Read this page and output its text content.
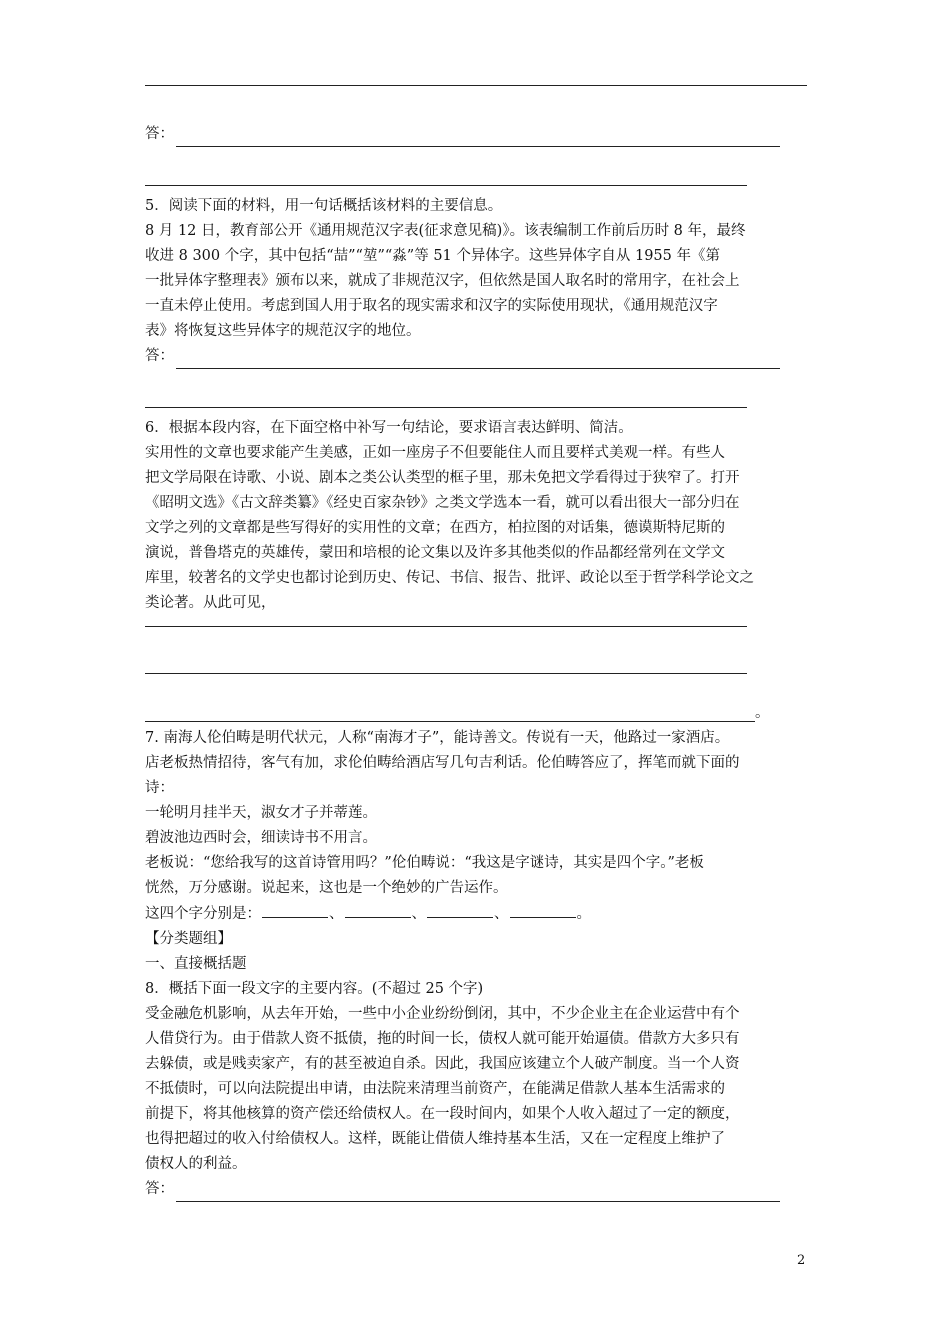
答：

5．阅读下面的材料，用一句话概括该材料的主要信息。

8 月 12 日，教育部公开《通用规范汉字表(征求意见稿)》。该表编制工作前后历时 8 年，最终

收进 8 300 个字，其中包括“喆”“堃”“淼”等 51 个异体字。这些异体字自从 1955 年《第

一批异体字整理表》颁布以来，就成了非规范汉字，但依然是国人取名时的常用字，在社会上

一直未停止使用。考虑到国人用于取名的现实需求和汉字的实际使用现状，《通用规范汉字

表》将恢复这些异体字的规范汉字的地位。

答：

6．根据本段内容，在下面空格中补写一句结论，要求语言表达鲜明、简洁。

实用性的文章也要求能产生美感，正如一座房子不但要能住人而且要样式美观一样。有些人

把文学局限在诗歌、小说、剧本之类公认类型的框子里，那未免把文学看得过于狭窄了。打开

《昭明文选》《古文辞类纂》《经史百家杂钞》之类文学选本一看，就可以看出很大一部分归在

文学之列的文章都是些写得好的实用性的文章；在西方，柏拉图的对话集，德谟斯特尼斯的

演说，普鲁塔克的英雄传，蒙田和培根的论文集以及许多其他类似的作品都经常列在文学文

库里，较著名的文学史也都讨论到历史、传记、书信、报告、批评、政论以至于哲学科学论文之

类论著。从此可见，

。

7. 南海人伦伯畴是明代状元，人称“南海才子”，能诗善文。传说有一天，他路过一家酒店。

店老板热情招待，客气有加，求伦伯畴给酒店写几句吉利话。伦伯畴答应了，挥笔而就下面的

诗：

一轮明月挂半天，淑女才子并蒂莲。

碧波池边西时会，细读诗书不用言。

老板说：“您给我写的这首诗管用吗？”伦伯畴说：“我这是字谜诗，其实是四个字。”老板

恍然，万分感谢。说起来，这也是一个绝妙的广告运作。

这四个字分别是：	、	、	、	。

【分类题组】

一、直接概括题

8．概括下面一段文字的主要内容。(不超过 25 个字)

受金融危机影响，从去年开始，一些中小企业纷纷倒闭，其中，不少企业主在企业运营中有个

人借贷行为。由于借款人资不抵债，拖的时间一长，债权人就可能开始逼债。借款方大多只有

去躲债，或是贱卖家产，有的甚至被迫自杀。因此，我国应该建立个人破产制度。当一个人资

不抵债时，可以向法院提出申请，由法院来清理当前资产，在能满足借款人基本生活需求的

前提下，将其他核算的资产偿还给债权人。在一段时间内，如果个人收入超过了一定的额度，

也得把超过的收入付给债权人。这样，既能让借债人维持基本生活，又在一定程度上维护了

债权人的利益。

答：
2
